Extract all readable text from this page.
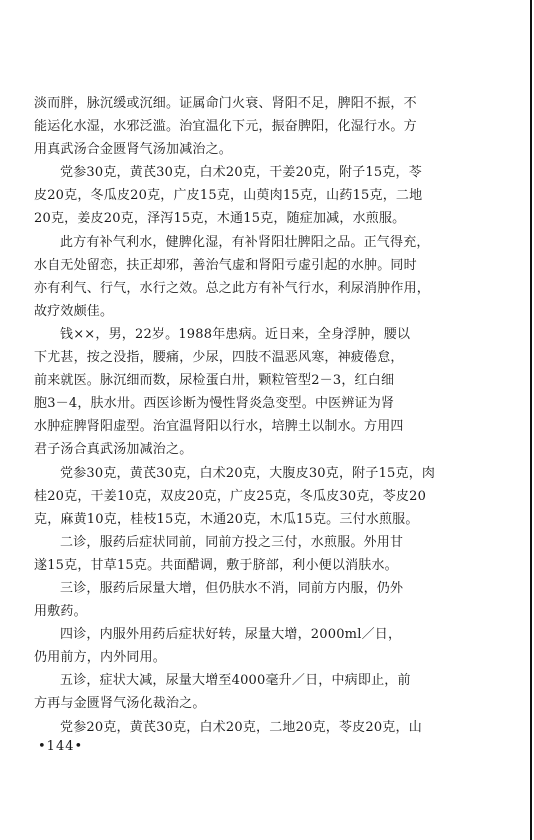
淡而胖，脉沉缓或沉细。证属命门火衰、肾阳不足，脾阳不振，不
能运化水湿，水邪泛滥。治宜温化下元，振奋脾阳，化湿行水。方
用真武汤合金匮肾气汤加减治之。
党参30克，黄芪30克，白术20克，干姜20克，附子15克，苓
皮20克，冬瓜皮20克，广皮15克，山萸肉15克，山药15克，二地
20克，姜皮20克，泽泻15克，木通15克，随症加减，水煎服。
此方有补气利水，健脾化湿，有补肾阳壮脾阳之品。正气得充，
水自无处留恋，扶正却邪，善治气虚和肾阳亏虚引起的水肿。同时
亦有利气、行气，水行之效。总之此方有补气行水，利尿消肿作用，
故疗效颇佳。
钱××，男，22岁。1988年患病。近日来，全身浮肿，腰以
下尤甚，按之没指，腰痛，少尿，四肢不温恶风寒，神疲倦怠，
前来就医。脉沉细而数，尿检蛋白卅，颗粒管型2－3，红白细
胞3－4，肤水卅。西医诊断为慢性肾炎急变型。中医辨证为肾
水肿症脾肾阳虚型。治宜温肾阳以行水，培脾土以制水。方用四
君子汤合真武汤加减治之。
党参30克，黄芪30克，白术20克，大腹皮30克，附子15克，肉
桂20克，干姜10克，双皮20克，广皮25克，冬瓜皮30克，苓皮20
克，麻黄10克，桂枝15克，木通20克，木瓜15克。三付水煎服。
二诊，服药后症状同前，同前方投之三付，水煎服。外用甘
遂15克，甘草15克。共面醋调，敷于脐部，利小便以消肤水。
三诊，服药后尿量大增，但仍肤水不消，同前方内服，仍外
用敷药。
四诊，内服外用药后症状好转，尿量大增，2000ml／日，
仍用前方，内外同用。
五诊，症状大减，尿量大增至4000毫升／日，中病即止，前
方再与金匮肾气汤化裁治之。
党参20克，黄芪30克，白术20克，二地20克，苓皮20克，山
•144•
